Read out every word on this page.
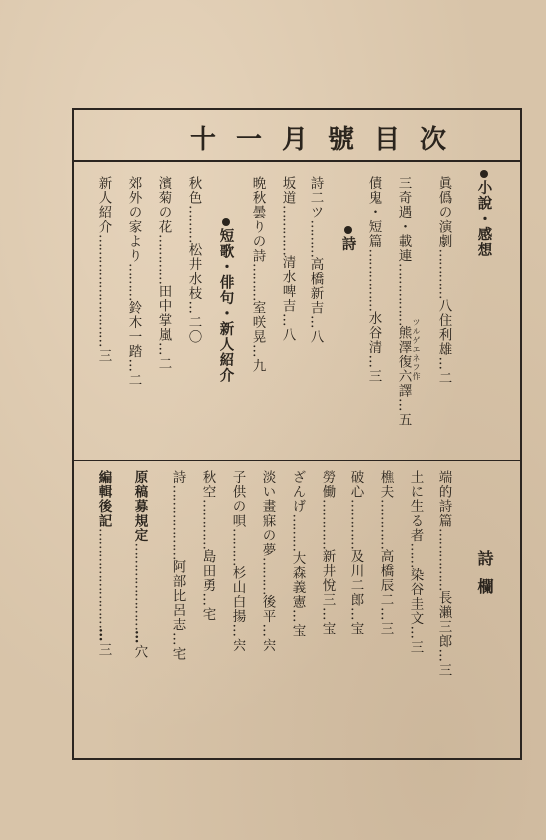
十一月號目次
小說・感想
眞僞の演劇…………八住利雄…二
三奇遇・載連……………熊澤復六譯…五
ツルゲエネフ作
債鬼・短篇……………水谷清…三
詩
詩二ツ………高橋新吉…八
坂道…………清水啤吉…八
晩秋曇りの詩………室咲晃…九
短歌・俳句・新人紹介
秋色………松井水枝…二〇
濱菊の花…………田中掌嵐…二
郊外の家より………鈴木一踏…二
新人紹介………………………三
詩欄
端的詩篇……………長瀨三郎…三
土に生る者……染谷圭文…三
樵夫…………高橋辰二…三
破心…………及川二郎…宝
勞働…………新井悅三…宝
ざんげ………大森義憲…宝
淡い畫寐の夢………後平…宍
子供の唄………杉山白揚…宍
秋空…………島田勇…宅
詩………………阿部比呂志…宅
原稿募規定……………………穴
編輯後記………………………三
